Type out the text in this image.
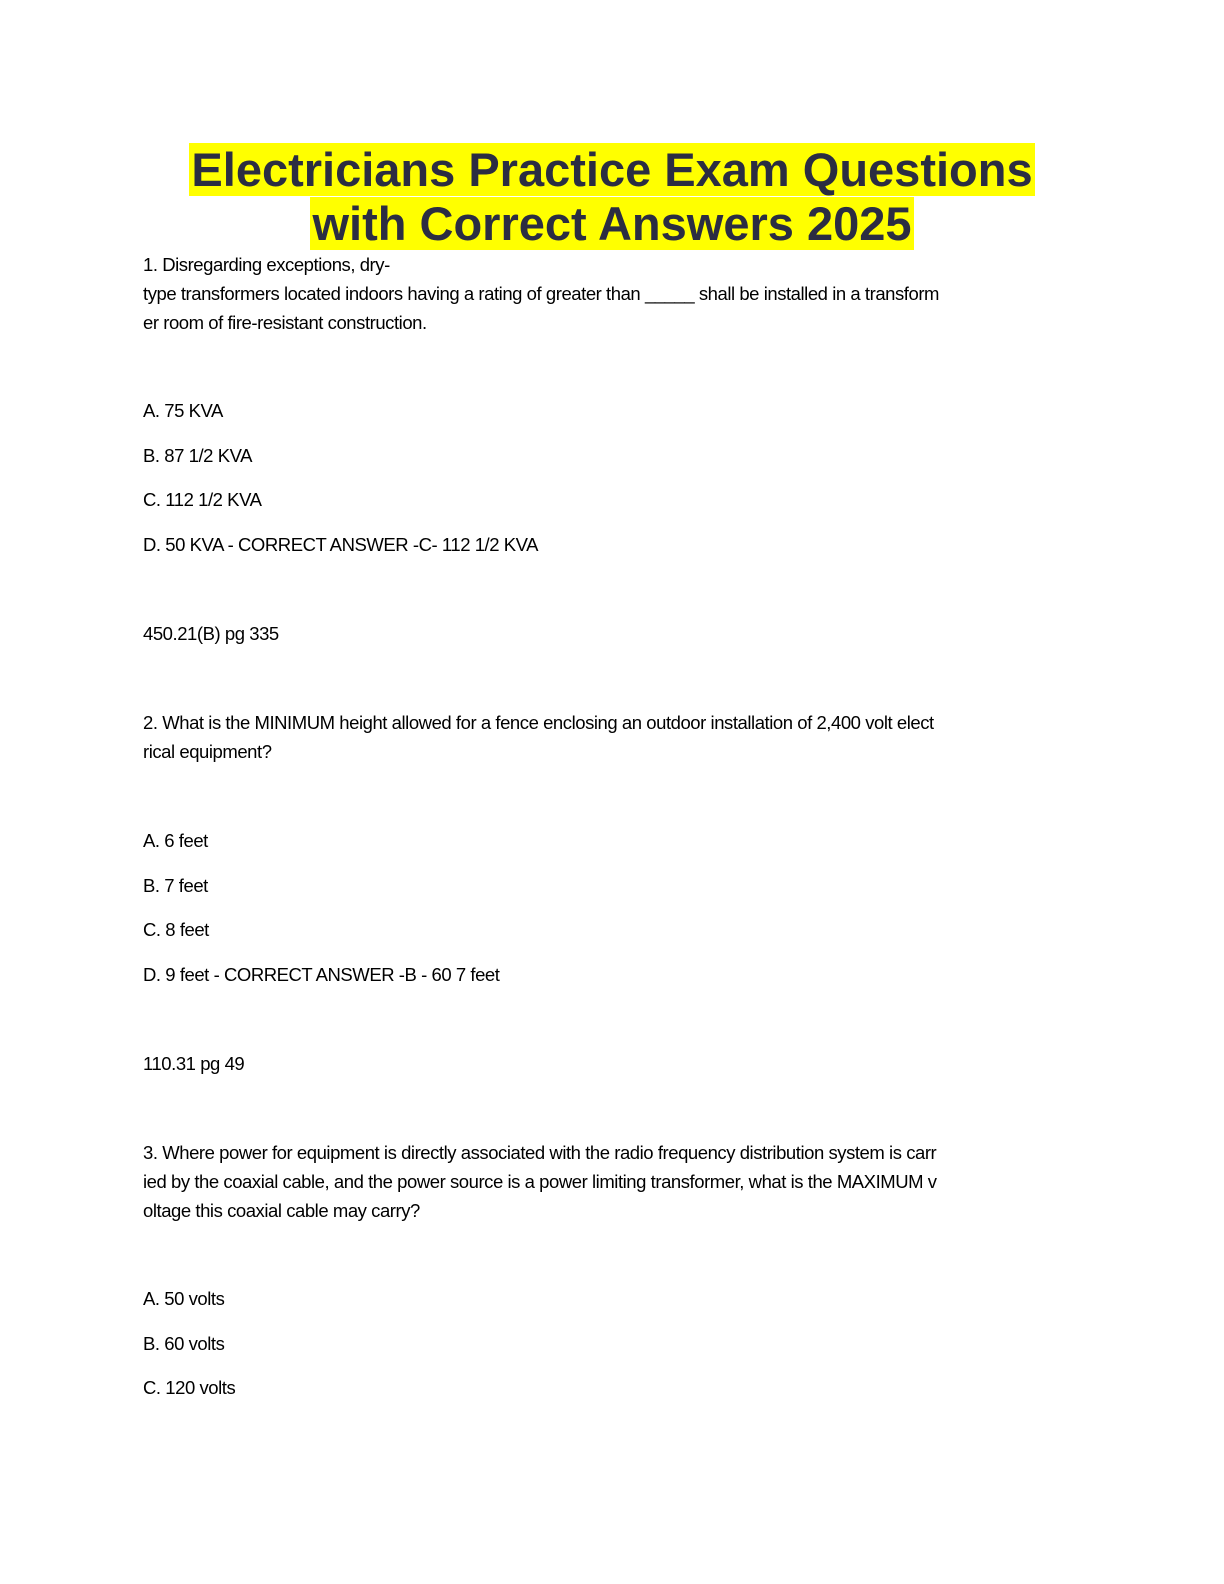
Electricians Practice Exam Questions
with Correct Answers 2025
1. Disregarding exceptions, dry-
type transformers located indoors having a rating of greater than _____ shall be installed in a transform
er room of fire-resistant construction.
A. 75 KVA
B. 87 1/2 KVA
C. 112 1/2 KVA
D. 50 KVA - CORRECT ANSWER -C- 112 1/2 KVA
450.21(B) pg 335
2. What is the MINIMUM height allowed for a fence enclosing an outdoor installation of 2,400 volt elect
rical equipment?
A. 6 feet
B. 7 feet
C. 8 feet
D. 9 feet - CORRECT ANSWER -B - 60 7 feet
110.31 pg 49
3. Where power for equipment is directly associated with the radio frequency distribution system is carr
ied by the coaxial cable, and the power source is a power limiting transformer, what is the MAXIMUM v
oltage this coaxial cable may carry?
A. 50 volts
B. 60 volts
C. 120 volts
